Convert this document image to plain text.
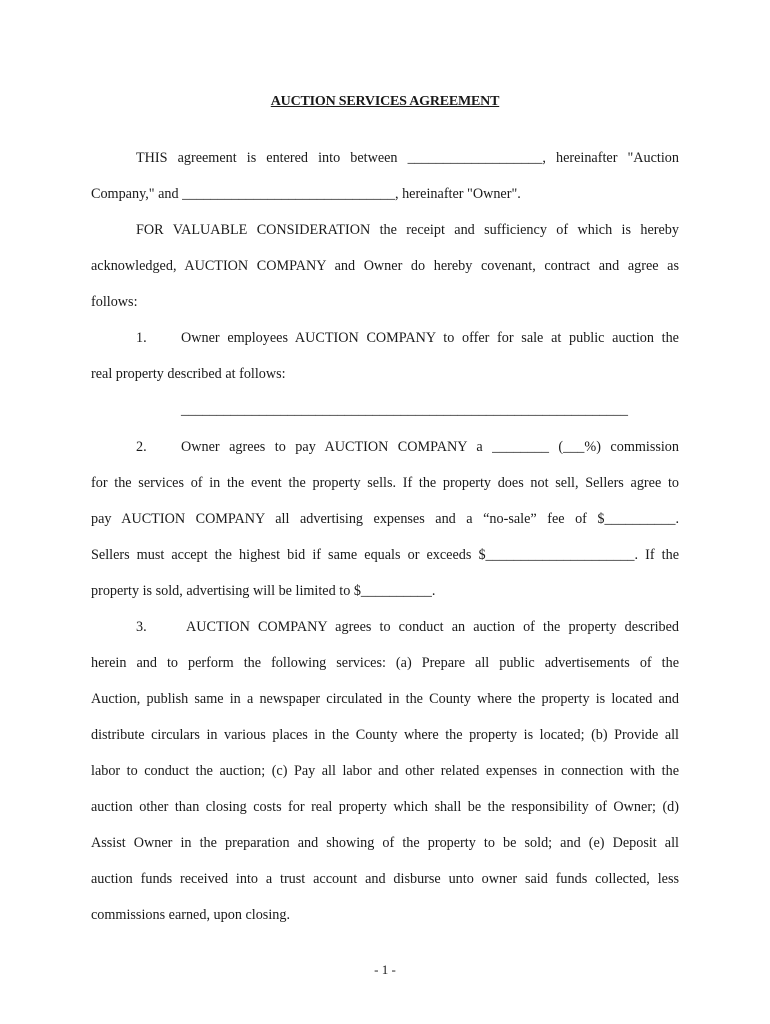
AUCTION SERVICES AGREEMENT
THIS agreement is entered into between ___________________, hereinafter "Auction
Company," and ______________________________, hereinafter "Owner".
FOR VALUABLE CONSIDERATION the receipt and sufficiency of which is hereby
acknowledged, AUCTION COMPANY and Owner do hereby covenant, contract and agree as
follows:
1. Owner employees AUCTION COMPANY to offer for sale at public auction the
real property described at follows:
_______________________________________________________________
2. Owner agrees to pay AUCTION COMPANY a ________ (___%) commission
for the services of in the event the property sells. If the property does not sell, Sellers agree to
pay AUCTION COMPANY all advertising expenses and a “no-sale” fee of $__________.
Sellers must accept the highest bid if same equals or exceeds $_____________________. If the
property is sold, advertising will be limited to $__________.
3.	AUCTION COMPANY agrees to conduct an auction of the property described
herein and to perform the following services: (a) Prepare all public advertisements of the
Auction, publish same in a newspaper circulated in the County where the property is located and
distribute circulars in various places in the County where the property is located; (b) Provide all
labor to conduct the auction; (c) Pay all labor and other related expenses in connection with the
auction other than closing costs for real property which shall be the responsibility of Owner; (d)
Assist Owner in the preparation and showing of the property to be sold; and (e) Deposit all
auction funds received into a trust account and disburse unto owner said funds collected, less
commissions earned, upon closing.
- 1 -
